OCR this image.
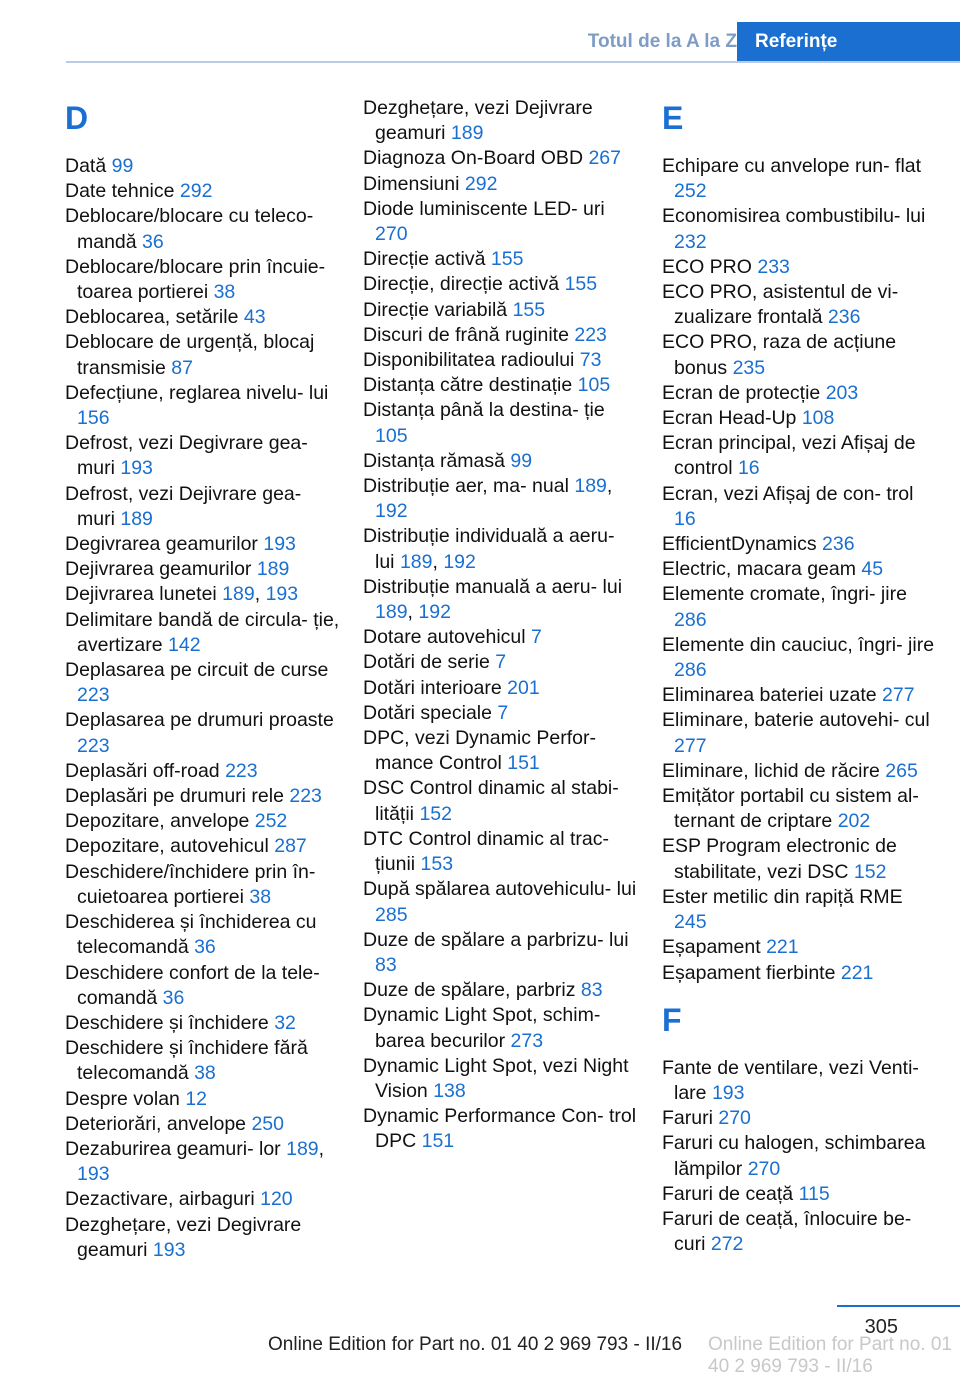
Totul de la A la Z Referințe
D
Dată 99
Date tehnice 292
Deblocare/blocare cu teleco- mandă 36
Deblocare/blocare prin încuie- toarea portierei 38
Deblocarea, setările 43
Deblocare de urgență, blocaj transmisie 87
Defecțiune, reglarea nivelu- lui 156
Defrost, vezi Degivrare gea- muri 193
Defrost, vezi Dejivrare gea- muri 189
Degivrarea geamurilor 193
Dejivrarea geamurilor 189
Dejivrarea lunetei 189, 193
Delimitare bandă de circula- ție, avertizare 142
Deplasarea pe circuit de curse 223
Deplasarea pe drumuri proaste 223
Deplasări off-road 223
Deplasări pe drumuri rele 223
Depozitare, anvelope 252
Depozitare, autovehicul 287
Deschidere/închidere prin în- cuietoarea portierei 38
Deschiderea și închiderea cu telecomandă 36
Deschidere confort de la tele- comandă 36
Deschidere și închidere 32
Deschidere și închidere fără telecomandă 38
Despre volan 12
Deteriorări, anvelope 250
Dezaburirea geamuri- lor 189, 193
Dezactivare, airbaguri 120
Dezghețare, vezi Degivrare geamuri 193
Dezghețare, vezi Dejivrare geamuri 189
Diagnoza On-Board OBD 267
Dimensiuni 292
Diode luminiscente LED- uri 270
Direcție activă 155
Direcție, direcție activă 155
Direcție variabilă 155
Discuri de frână ruginite 223
Disponibilitatea radioului 73
Distanța către destinație 105
Distanța până la destina- ție 105
Distanța rămasă 99
Distribuție aer, ma- nual 189, 192
Distribuție individuală a aeru- lui 189, 192
Distribuție manuală a aeru- lui 189, 192
Dotare autovehicul 7
Dotări de serie 7
Dotări interioare 201
Dotări speciale 7
DPC, vezi Dynamic Perfor- mance Control 151
DSC Control dinamic al stabi- lității 152
DTC Control dinamic al trac- țiunii 153
După spălarea autovehiculu- lui 285
Duze de spălare a parbrizu- lui 83
Duze de spălare, parbriz 83
Dynamic Light Spot, schim- barea becurilor 273
Dynamic Light Spot, vezi Night Vision 138
Dynamic Performance Con- trol DPC 151
E
Echipare cu anvelope run- flat 252
Economisirea combustibilu- lui 232
ECO PRO 233
ECO PRO, asistentul de vi- zualizare frontală 236
ECO PRO, raza de acțiune bonus 235
Ecran de protecție 203
Ecran Head-Up 108
Ecran principal, vezi Afișaj de control 16
Ecran, vezi Afișaj de con- trol 16
EfficientDynamics 236
Electric, macara geam 45
Elemente cromate, îngri- jire 286
Elemente din cauciuc, îngri- jire 286
Eliminarea bateriei uzate 277
Eliminare, baterie autovehi- cul 277
Eliminare, lichid de răcire 265
Emițător portabil cu sistem al- ternant de criptare 202
ESP Program electronic de stabilitate, vezi DSC 152
Ester metilic din rapiță RME 245
Eșapament 221
Eșapament fierbinte 221
F
Fante de ventilare, vezi Venti- lare 193
Faruri 270
Faruri cu halogen, schimbarea lămpilor 270
Faruri de ceață 115
Faruri de ceață, înlocuire be- curi 272
305
Online Edition for Part no. 01 40 2 969 793 - II/16 Online Edition for Part no. 01 40 2 969 793 - II/16
